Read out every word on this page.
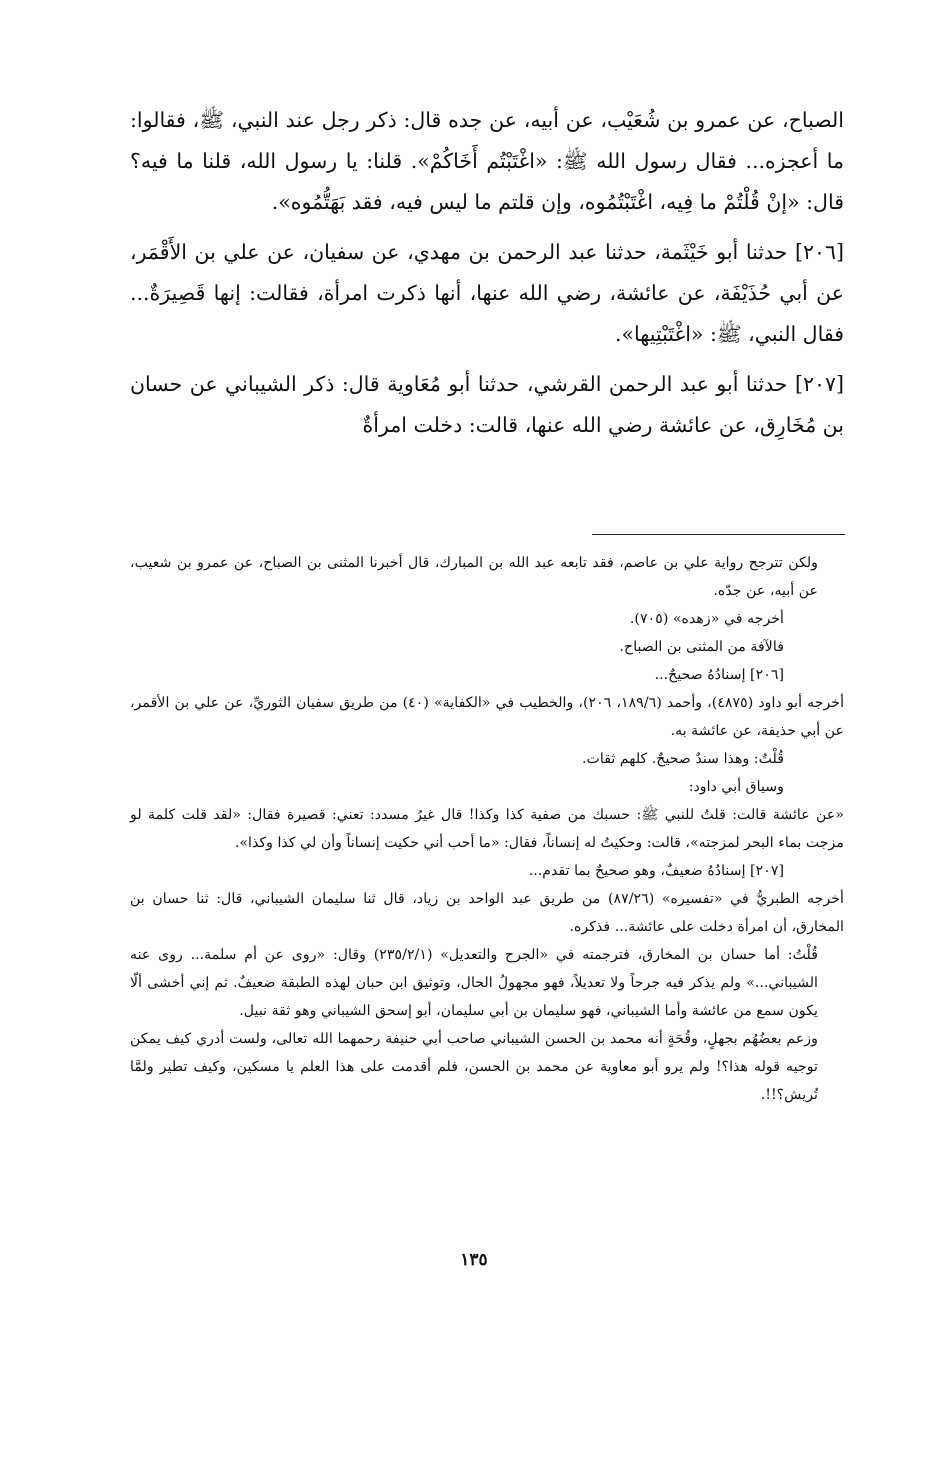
الصباح، عن عمرو بن شُعَيْب، عن أبيه، عن جده قال: ذكر رجل عند النبي، ﷺ، فقالوا: ما أعجزه... فقال رسول الله ﷺ: «اغْتَبْتُم أَخَاكُمْ». قلنا: يا رسول الله، قلنا ما فيه؟ قال: «إنْ قُلْتُمْ ما فِيه، اغْتَبْتُمُوه، وإن قلتم ما ليس فيه، فقد بَهَتُّمُوه».

[٢٠٦] حدثنا أبو خَيْثَمة، حدثنا عبد الرحمن بن مهدي، عن سفيان، عن علي بن الأَقْمَر، عن أبي حُذَيْفَة، عن عائشة، رضي الله عنها، أنها ذكرت امرأة، فقالت: إنها قَصِيرَةٌ... فقال النبي، ﷺ: «اغْتَبْتِيها».

[٢٠٧] حدثنا أبو عبد الرحمن القرشي، حدثنا أبو مُعَاوية قال: ذكر الشيباني عن حسان بن مُخَارِق، عن عائشة رضي الله عنها، قالت: دخلت امرأةٌ

ولكن تترجح رواية علي بن عاصم، فقد تابعه عبد الله بن المبارك، قال أخبرنا المثنى بن الصباح، عن عمرو بن شعيب، عن أبيه، عن جدّه.

أخرجه في «زهده» (٧٠٥).

فالآفة من المثنى بن الصباح.

[٢٠٦] إسنادُهُ صحيحٌ...

أخرجه أبو داود (٤٨٧٥)، وأحمد (١٨٩/٦، ٢٠٦)، والخطيب في «الكفاية» (٤٠) من طريق سفيان الثوريِّ، عن علي بن الأقمر، عن أبي حذيفة، عن عائشة به.

قُلْتُ: وهذا سندٌ صحيحٌ. كلهم ثقات.

وسياق أبي داود:

«عن عائشة قالت: قلتُ للنبي ﷺ: حسبك من صفية كذا وكذا! قال غيرُ مسدد: تعني: قصيرة فقال: «لقد قلت كلمة لو مزجت بماء البحر لمزجته»، قالت: وحكيتُ له إنساناً، فقال: «ما أحب أني حكيت إنساناً وأن لي كذا وكذا».

[٢٠٧] إسنادُهُ ضعيفٌ، وهو صحيحٌ بما تقدم...

أخرجه الطبريُّ في «تفسيره» (٨٧/٢٦) من طريق عبد الواحد بن زياد، قال ثنا سليمان الشيباني، قال: ثنا حسان بن المخارق، أن امرأة دخلت على عائشة... فذكره.

قُلْتُ: أما حسان بن المخارق، فترجمته في «الجرح والتعديل» (٢٣٥/٢/١) وقال: «روى عن أم سلمة... روى عنه الشيباني...» ولم يذكر فيه جرحاً ولا تعديلاً، فهو مجهولُ الحال، وتوثيق ابن حبان لهذه الطبقة ضعيفٌ. ثم إني أخشى ألّا يكون سمع من عائشة وأما الشيباني، فهو سليمان بن أبي سليمان، أبو إسحق الشيباني وهو ثقة نبيل.

وزعم بعضُهُم بجهلٍ، وقُحَةٍ أنه محمد بن الحسن الشيباني صاحب أبي حنيفة رحمهما الله تعالى، ولست أدري كيف يمكن توجيه قوله هذا؟! ولم يرو أبو معاوية عن محمد بن الحسن، فلم أقدمت على هذا العلم يا مسكين، وكيف تطير ولمَّا تُريش؟!!.

١٣٥
